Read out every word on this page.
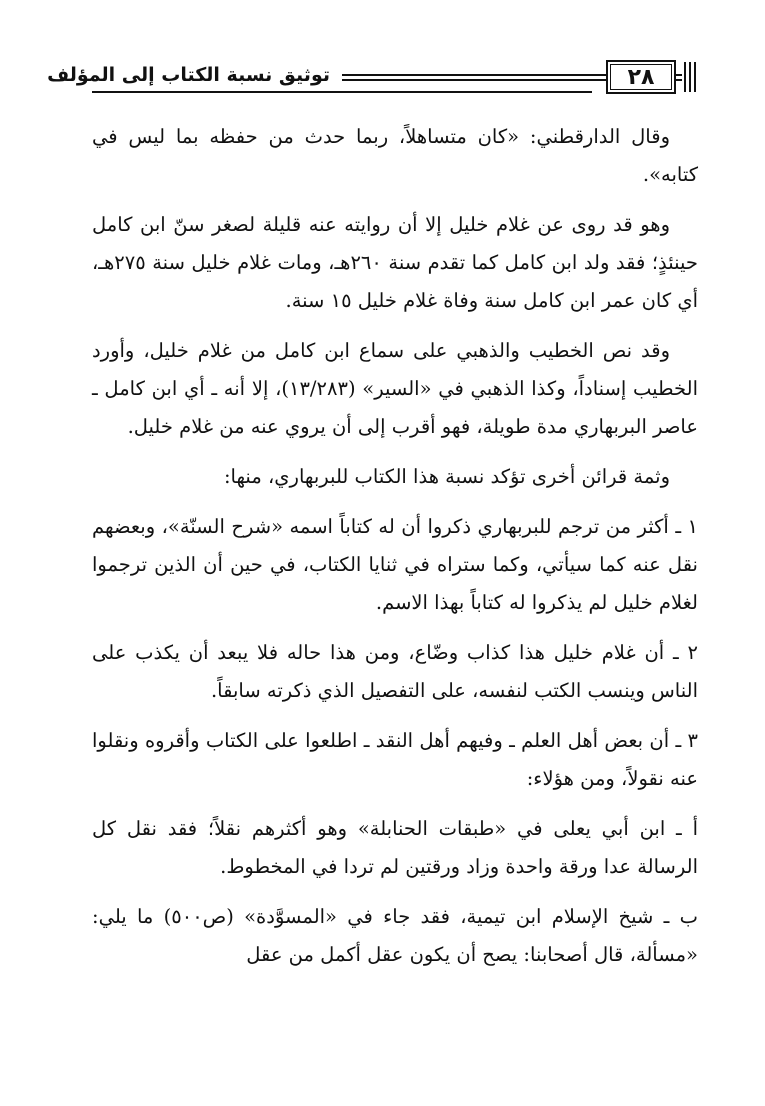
توثيق نسبة الكتاب إلى المؤلف	٢٨

وقال الدارقطني: «كان متساهلاً، ربما حدث من حفظه بما ليس في كتابه».

وهو قد روى عن غلام خليل إلا أن روايته عنه قليلة لصغر سنّ ابن كامل حينئذٍ؛ فقد ولد ابن كامل كما تقدم سنة ٢٦٠هـ، ومات غلام خليل سنة ٢٧٥هـ، أي كان عمر ابن كامل سنة وفاة غلام خليل ١٥ سنة.

وقد نص الخطيب والذهبي على سماع ابن كامل من غلام خليل، وأورد الخطيب إسناداً، وكذا الذهبي في «السير» (١٣/٢٨٣)، إلا أنه ـ أي ابن كامل ـ عاصر البربهاري مدة طويلة، فهو أقرب إلى أن يروي عنه من غلام خليل.

وثمة قرائن أخرى تؤكد نسبة هذا الكتاب للبربهاري، منها:

١ ـ أكثر من ترجم للبربهاري ذكروا أن له كتاباً اسمه «شرح السنّة»، وبعضهم نقل عنه كما سيأتي، وكما ستراه في ثنايا الكتاب، في حين أن الذين ترجموا لغلام خليل لم يذكروا له كتاباً بهذا الاسم.

٢ ـ أن غلام خليل هذا كذاب وضّاع، ومن هذا حاله فلا يبعد أن يكذب على الناس وينسب الكتب لنفسه، على التفصيل الذي ذكرته سابقاً.

٣ ـ أن بعض أهل العلم ـ وفيهم أهل النقد ـ اطلعوا على الكتاب وأقروه ونقلوا عنه نقولاً، ومن هؤلاء:

أ ـ ابن أبي يعلى في «طبقات الحنابلة» وهو أكثرهم نقلاً؛ فقد نقل كل الرسالة عدا ورقة واحدة وزاد ورقتين لم تردا في المخطوط.

ب ـ شيخ الإسلام ابن تيمية، فقد جاء في «المسوَّدة» (ص٥٠٠) ما يلي: «مسألة، قال أصحابنا: يصح أن يكون عقل أكمل من عقل
